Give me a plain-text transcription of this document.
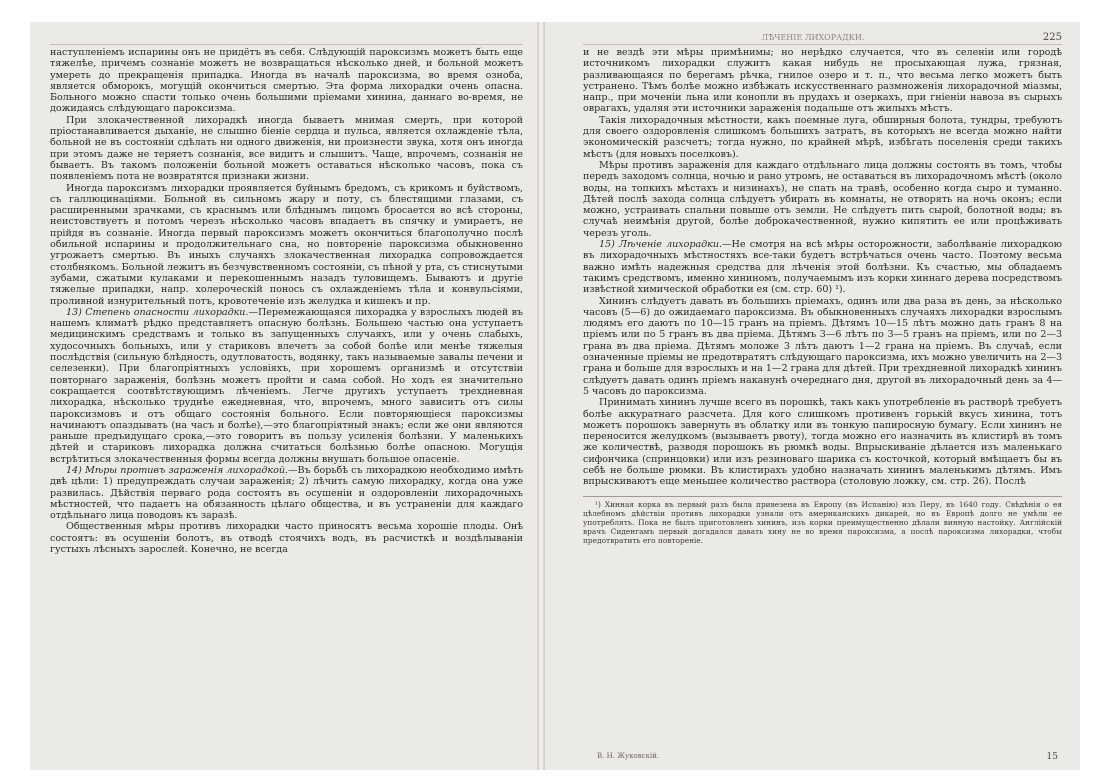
наступленiемъ испарины онъ не придётъ въ себя. Слѣдующiй пароксизмъ можетъ быть еще тяжелѣе, причемъ сознанiе можетъ не возвращаться нѣсколько дней, и больной можетъ умереть до прекращенiя припадка. Иногда въ началѣ пароксизма, во время озноба, является обморокъ, могущiй окончиться смертью. Эта форма лихорадки очень опасна. Больного можно спасти только очень большими прiемами хинина, даннаго во-время, не дожидаясь слѣдующаго пароксизма.

При злокачественной лихорадкѣ иногда бываетъ мнимая смерть, при которой прiостанавливается дыханiе, не слышно бiенiе сердца и пульса, является охлажденiе тѣла, больной не въ состоянiи сдѣлать ни одного движенiя, ни произнести звука, хотя онъ иногда при этомъ даже не теряетъ сознанiя, все видитъ и слышитъ. Чаще, впрочемъ, сознанiя не бываетъ. Въ такомъ положенiи больной можетъ оставаться нѣсколько часовъ, пока съ появленiемъ пота не возвратятся признаки жизни.

Иногда пароксизмъ лихорадки проявляется буйнымъ бредомъ, съ крикомъ и буйствомъ, съ галлюцинацiями. Больной въ сильномъ жару и поту, съ блестящими глазами, съ расширенными зрачками, съ краснымъ или блѣднымъ лицомъ бросается во всѣ стороны, неистовствуетъ и потомъ черезъ нѣсколько часовъ впадаетъ въ спячку и умираетъ, не прiйдя въ сознанiе. Иногда первый пароксизмъ можетъ окончиться благополучно послѣ обильной испарины и продолжительнаго сна, но повторенiе пароксизма обыкновенно угрожаетъ смертью. Въ иныхъ случаяхъ злокачественная лихорадка сопровождается столбнякомъ. Больной лежитъ въ безчувственномъ состоянiи, съ пѣной у рта, съ стиснутыми зубами, сжатыми кулаками и перекошеннымъ назадъ туловищемъ. Бываютъ и другiе тяжелые припадки, напр. холероческiй понось съ охлажденiемъ тѣла и конвульсiями, проливной изнурительный потъ, кровотеченiе изъ желудка и кишекъ и пр.

13) Степень опасности лихорадки.—Перемежающаяся лихорадка у взрослыхъ людей въ нашемъ климатѣ рѣдко представляетъ опасную болѣзнь. Большею частью она уступаетъ медицинскимъ средствамъ и только въ запущенныхъ случаяхъ, или у очень слабыхъ, худосочныхъ больныхъ, или у стариковъ влечетъ за собой болѣе или менѣе тяжелыя послѣдствiя (сильную блѣдность, одутловатость, водянку, такъ называемые завалы печени и селезенки). При благопрiятныхъ условiяхъ, при хорошемъ организмѣ и отсутствiи повторнаго зараженiя, болѣзнь можетъ пройти и сама собой. Но ходъ ея значительно сокращается соотвѣтствующимъ лѣченiемъ. Легче другихъ уступаетъ трехдневная лихорадка, нѣсколько труднѣе ежедневная, что, впрочемъ, много зависитъ отъ силы пароксизмовъ и отъ общаго состоянiя больного. Если повторяющiеся пароксизмы начинаютъ опаздывать (на часъ и болѣе),—это благопрiятный знакъ; если же они являются раньше предъидущаго срока,—это говоритъ въ пользу усиленiя болѣзни. У маленькихъ дѣтей и стариковъ лихорадка должна считаться болѣзнью болѣе опасною. Могущiя встрѣтиться злокачественныя формы всегда должны внушать большое опасенiе.

14) Мѣры противъ зараженiя лихорадкой.—Въ борьбѣ съ лихорадкою необходимо имѣть двѣ цѣли: 1) предупреждать случаи зараженiя; 2) лѣчить самую лихорадку, когда она уже развилась. Дѣйствiя перваго рода состоятъ въ осушенiи и оздоровленiи лихорадочныхъ мѣстностей, что падаетъ на обязанность цѣлаго общества, и въ устраненiи для каждаго отдѣльнаго лица поводовъ къ заразѣ.

Общественныя мѣры противъ лихорадки часто приносятъ весьма хорошiе плоды. Онѣ состоятъ: въ осушенiи болотъ, въ отводѣ стоячихъ водъ, въ расчисткѣ и воздѣлыванiи густыхъ лѣсныхъ зарослей. Конечно, не всегда

ЛѢЧЕНIЕ ЛИХОРАДКИ.	225

и не вездѣ эти мѣры примѣнимы; но нерѣдко случается, что въ селенiи или городѣ источникомъ лихорадки служитъ какая нибудь не просыхающая лужа, грязная, разливающаяся по берегамъ рѣчка, гнилое озеро и т. п., что весьма легко можетъ быть устранено. Тѣмъ болѣе можно избѣжать искусственнаго размноженiя лихорадочной мiазмы, напр., при моченiи льна или конопли въ прудахъ и озеркахъ, при гнiенiи навоза въ сырыхъ оврагахъ, удаляя эти источники зараженiя подальше отъ жилыхъ мѣстъ.

Такiя лихорадочныя мѣстности, какъ поемные луга, обширныя болота, тундры, требуютъ для своего оздоровленiя слишкомъ большихъ затратъ, въ которыхъ не всегда можно найти экономическiй разсчетъ; тогда нужно, по крайней мѣрѣ, избѣгать поселенiя среди такихъ мѣстъ (для новыхъ поселковъ).

Мѣры противъ зараженiя для каждаго отдѣльнаго лица должны состоять въ томъ, чтобы передъ заходомъ солнца, ночью и рано утромъ, не оставаться въ лихорадочномъ мѣстѣ (около воды, на топкихъ мѣстахъ и низинахъ), не спать на травѣ, особенно когда сыро и туманно. Дѣтей послѣ захода солнца слѣдуетъ убирать въ комнаты, не отворять на ночь оконъ; если можно, устраивать спальни повыше отъ земли. Не слѣдуетъ пить сырой, болотной воды; въ случаѣ неимѣнiя другой, болѣе доброкачественной, нужно кипятить ее или процѣживать черезъ уголь.

15) Лѣченiе лихорадки.—Не смотря на всѣ мѣры осторожности, заболѣванiе лихорадкою въ лихорадочныхъ мѣстностяхъ все-таки будетъ встрѣчаться очень часто. Поэтому весьма важно имѣть надежныя средства для лѣченiя этой болѣзни. Къ счастью, мы обладаемъ такимъ средствомъ, именно хининомъ, получаемымъ изъ корки хиннаго дерева посредствомъ извѣстной химической обработки ея (см. стр. 60) ¹).

Хининъ слѣдуетъ давать въ большихъ прiемахъ, одинъ или два раза въ день, за нѣсколько часовъ (5—6) до ожидаемаго пароксизма. Въ обыкновенныхъ случаяхъ лихорадки взрослымъ людямъ его даютъ по 10—15 гранъ на прiемъ. Дѣтямъ 10—15 лѣтъ можно дать гранъ 8 на прiемъ или по 5 гранъ въ два прiема. Дѣтямъ 3—6 лѣтъ по 3—5 гранъ на прiемъ, или по 2—3 грана въ два прiема. Дѣтямъ моложе 3 лѣтъ даютъ 1—2 грана на прiемъ. Въ случаѣ, если означенные прiемы не предотвратятъ слѣдующаго пароксизма, ихъ можно увеличить на 2—3 грана и больше для взрослыхъ и на 1—2 грана для дѣтей. При трехдневной лихорадкѣ хининъ слѣдуетъ давать одинъ прiемъ наканунѣ очереднаго дня, другой въ лихорадочный день за 4—5 часовъ до пароксизма.

Принимать хининъ лучше всего въ порошкѣ, такъ какъ употребленiе въ растворѣ требуетъ болѣе аккуратнаго разсчета. Для кого слишкомъ противенъ горькiй вкусъ хинина, тотъ можетъ порошокъ завернуть въ облатку или въ тонкую папиросную бумагу. Если хининъ не переносится желудкомъ (вызываетъ рвоту), тогда можно его назначить въ клистирѣ въ томъ же количествѣ, разводя порошокъ въ рюмкѣ воды. Впрыскиванiе дѣлается изъ маленькаго сифончика (спринцовки) или изъ резиноваго шарика съ косточкой, который вмѣщаетъ бы въ себѣ не больше рюмки. Въ клистирахъ удобно назначать хининъ маленькимъ дѣтямъ. Имъ впрыскиваютъ еще меньшее количество раствора (столовую ложку, см. стр. 26). Послѣ

¹) Хинная корка въ первый разъ была привезена въ Европу (въ Испанiю) изъ Перу, въ 1640 году. Свѣдѣнiя о ея цѣлебномъ дѣйствiи противъ лихорадки узнали отъ американскихъ дикарей, но въ Европѣ долго не умѣли ее употреблять. Пока не былъ приготовленъ хининъ, изъ корки преимущественно дѣлали винную настойку. Англiйскiй врачъ Сиденгамъ первый догадался давать хину не во время пароксизма, а послѣ пароксизма лихорадки, чтобы предотвратить его повторенiе.

В. Н. Жуковскiй.	15
